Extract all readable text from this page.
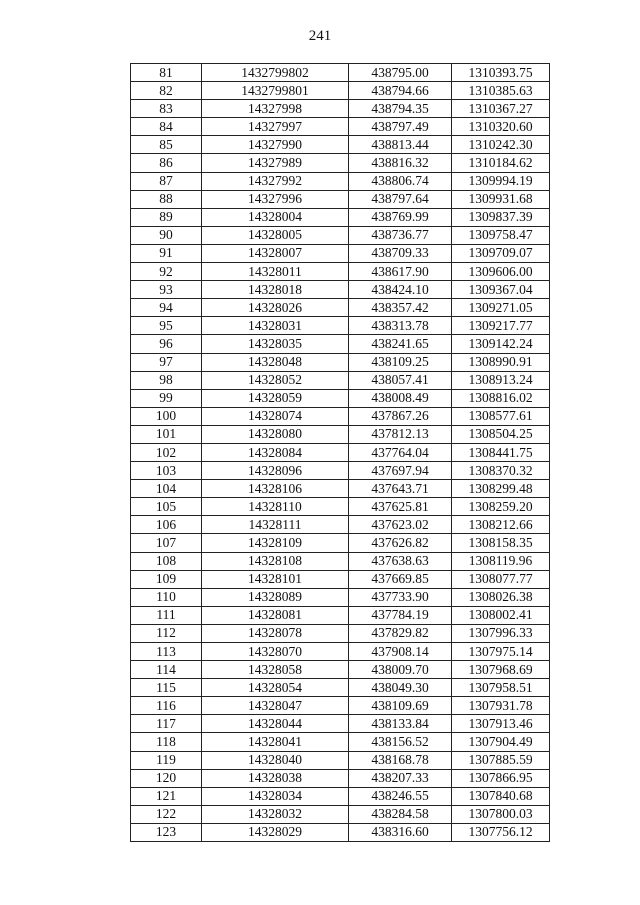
241
81	1432799802	438795.00	1310393.75
82	1432799801	438794.66	1310385.63
83	14327998	438794.35	1310367.27
84	14327997	438797.49	1310320.60
85	14327990	438813.44	1310242.30
86	14327989	438816.32	1310184.62
87	14327992	438806.74	1309994.19
88	14327996	438797.64	1309931.68
89	14328004	438769.99	1309837.39
90	14328005	438736.77	1309758.47
91	14328007	438709.33	1309709.07
92	14328011	438617.90	1309606.00
93	14328018	438424.10	1309367.04
94	14328026	438357.42	1309271.05
95	14328031	438313.78	1309217.77
96	14328035	438241.65	1309142.24
97	14328048	438109.25	1308990.91
98	14328052	438057.41	1308913.24
99	14328059	438008.49	1308816.02
100	14328074	437867.26	1308577.61
101	14328080	437812.13	1308504.25
102	14328084	437764.04	1308441.75
103	14328096	437697.94	1308370.32
104	14328106	437643.71	1308299.48
105	14328110	437625.81	1308259.20
106	14328111	437623.02	1308212.66
107	14328109	437626.82	1308158.35
108	14328108	437638.63	1308119.96
109	14328101	437669.85	1308077.77
110	14328089	437733.90	1308026.38
111	14328081	437784.19	1308002.41
112	14328078	437829.82	1307996.33
113	14328070	437908.14	1307975.14
114	14328058	438009.70	1307968.69
115	14328054	438049.30	1307958.51
116	14328047	438109.69	1307931.78
117	14328044	438133.84	1307913.46
118	14328041	438156.52	1307904.49
119	14328040	438168.78	1307885.59
120	14328038	438207.33	1307866.95
121	14328034	438246.55	1307840.68
122	14328032	438284.58	1307800.03
123	14328029	438316.60	1307756.12
